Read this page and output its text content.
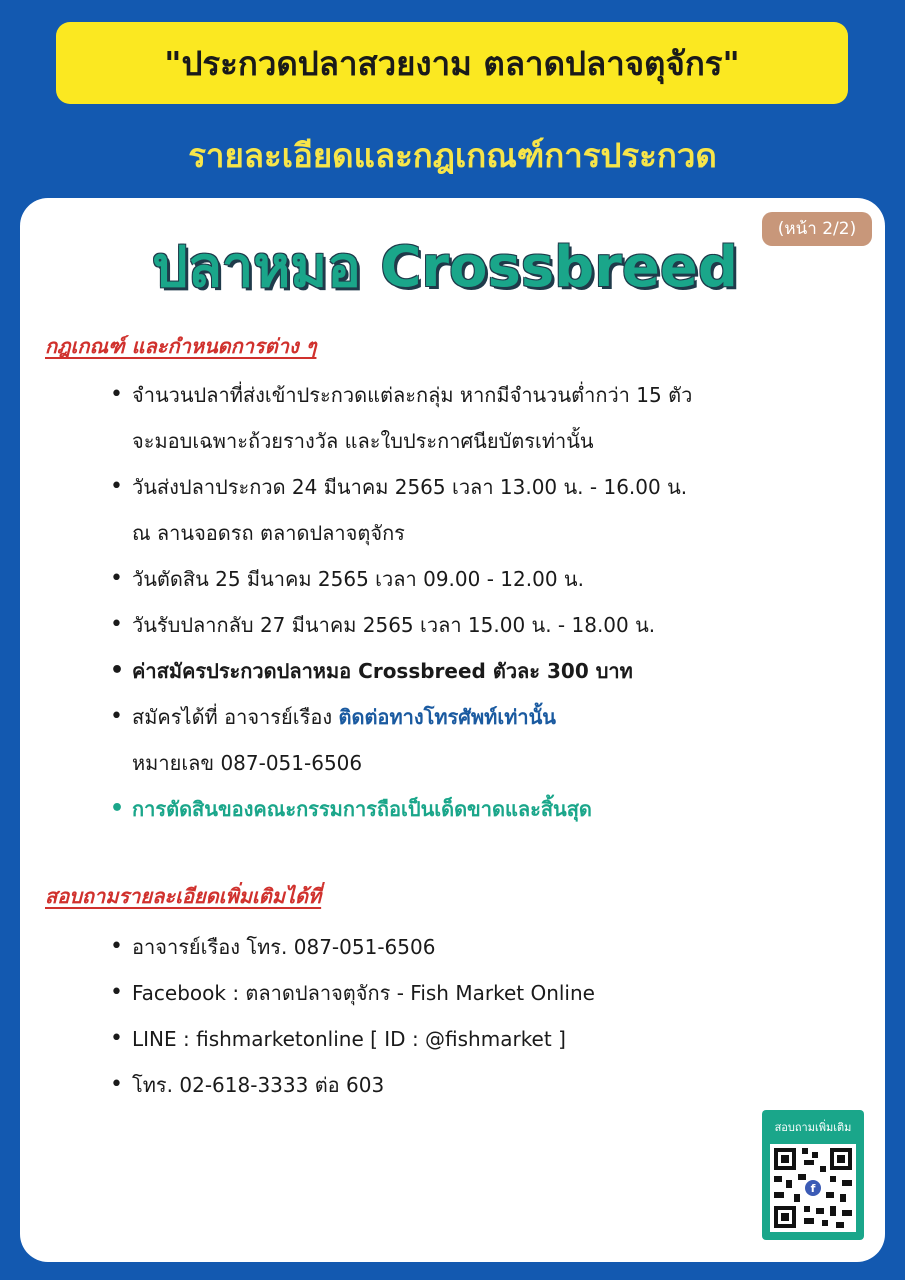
"ประกวดปลาสวยงาม ตลาดปลาจตุจักร"
รายละเอียดและกฎเกณฑ์การประกวด
(หน้า 2/2)
ปลาหมอ Crossbreed
กฎเกณฑ์ และกำหนดการต่าง ๆ
• จำนวนปลาที่ส่งเข้าประกวดแต่ละกลุ่ม หากมีจำนวนต่ำกว่า 15 ตัว
จะมอบเฉพาะถ้วยรางวัล และใบประกาศนียบัตรเท่านั้น
• วันส่งปลาประกวด 24 มีนาคม 2565 เวลา 13.00 น. - 16.00 น.
ณ ลานจอดรถ ตลาดปลาจตุจักร
• วันตัดสิน 25 มีนาคม 2565 เวลา 09.00 - 12.00 น.
• วันรับปลากลับ 27 มีนาคม 2565 เวลา 15.00 น. - 18.00 น.
• ค่าสมัครประกวดปลาหมอ Crossbreed ตัวละ 300 บาท
• สมัครได้ที่ อาจารย์เรือง ติดต่อทางโทรศัพท์เท่านั้น
หมายเลข 087-051-6506
• การตัดสินของคณะกรรมการถือเป็นเด็ดขาดและสิ้นสุด
สอบถามรายละเอียดเพิ่มเติมได้ที่
• อาจารย์เรือง โทร. 087-051-6506
• Facebook : ตลาดปลาจตุจักร - Fish Market Online
• LINE : fishmarketonline [ ID : @fishmarket ]
• โทร. 02-618-3333 ต่อ 603
สอบถามเพิ่มเติม
f
